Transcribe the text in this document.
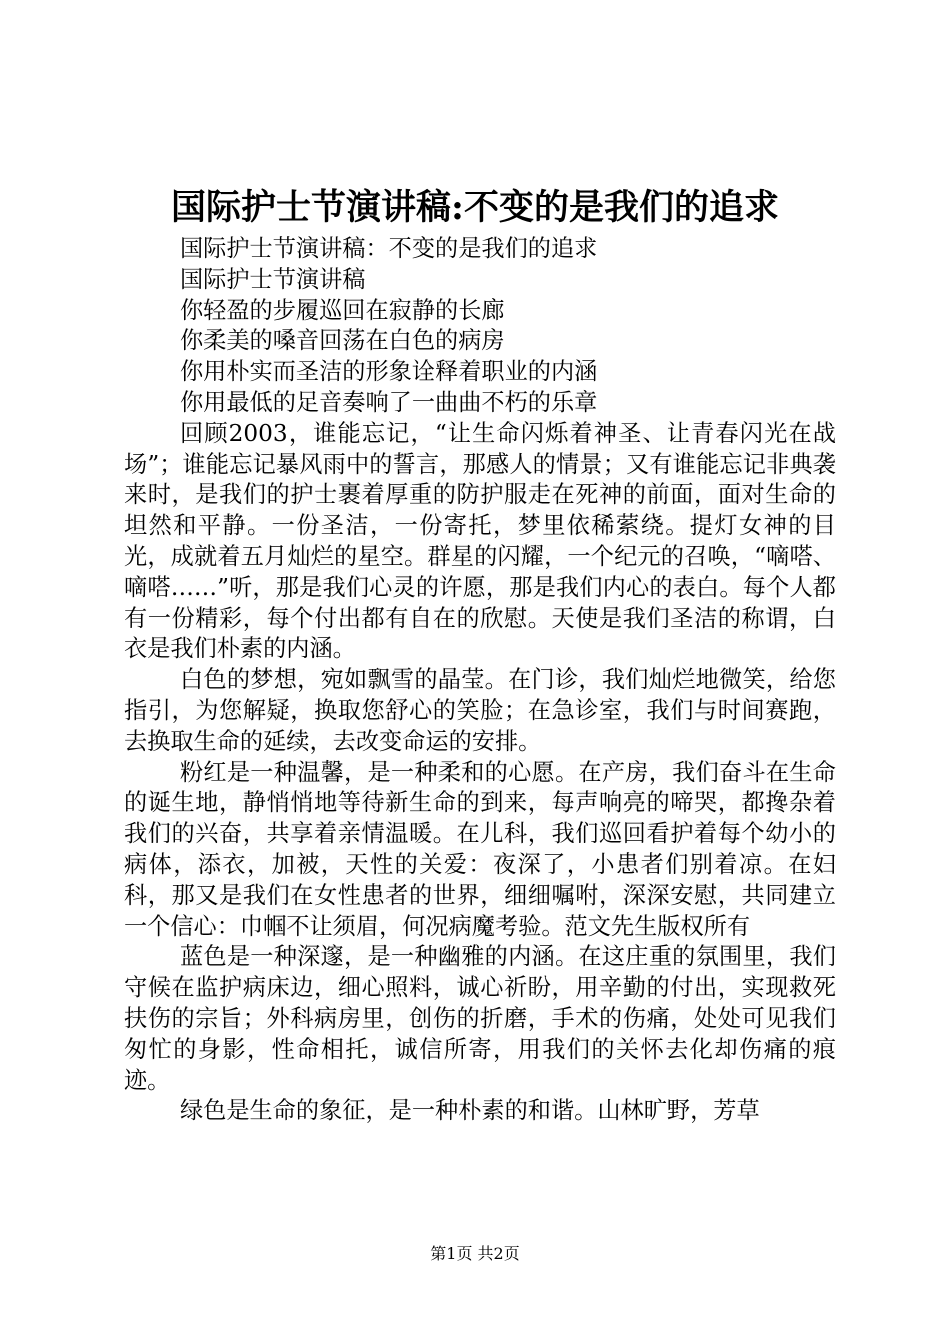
国际护士节演讲稿:不变的是我们的追求
国际护士节演讲稿：不变的是我们的追求
国际护士节演讲稿
你轻盈的步履巡回在寂静的长廊
你柔美的嗓音回荡在白色的病房
你用朴实而圣洁的形象诠释着职业的内涵
你用最低的足音奏响了一曲曲不朽的乐章

回顾2003，谁能忘记，“让生命闪烁着神圣、让青春闪光在战场”；谁能忘记暴风雨中的誓言，那感人的情景；又有谁能忘记非典袭来时，是我们的护士裹着厚重的防护服走在死神的前面，面对生命的坦然和平静。一份圣洁，一份寄托，梦里依稀萦绕。提灯女神的目光，成就着五月灿烂的星空。群星的闪耀，一个纪元的召唤，“嘀嗒、嘀嗒……”听，那是我们心灵的许愿，那是我们内心的表白。每个人都有一份精彩，每个付出都有自在的欣慰。天使是我们圣洁的称谓，白衣是我们朴素的内涵。

白色的梦想，宛如飘雪的晶莹。在门诊，我们灿烂地微笑，给您指引，为您解疑，换取您舒心的笑脸；在急诊室，我们与时间赛跑，去换取生命的延续，去改变命运的安排。

粉红是一种温馨，是一种柔和的心愿。在产房，我们奋斗在生命的诞生地，静悄悄地等待新生命的到来，每声响亮的啼哭，都搀杂着我们的兴奋，共享着亲情温暖。在儿科，我们巡回看护着每个幼小的病体，添衣，加被，天性的关爱：夜深了，小患者们别着凉。在妇科，那又是我们在女性患者的世界，细细嘱咐，深深安慰，共同建立一个信心：巾帼不让须眉，何况病魔考验。范文先生版权所有

蓝色是一种深邃，是一种幽雅的内涵。在这庄重的氛围里，我们守候在监护病床边，细心照料，诚心祈盼，用辛勤的付出，实现救死扶伤的宗旨；外科病房里，创伤的折磨，手术的伤痛，处处可见我们匆忙的身影，性命相托，诚信所寄，用我们的关怀去化却伤痛的痕迹。

绿色是生命的象征，是一种朴素的和谐。山林旷野，芳草

第1页 共2页
